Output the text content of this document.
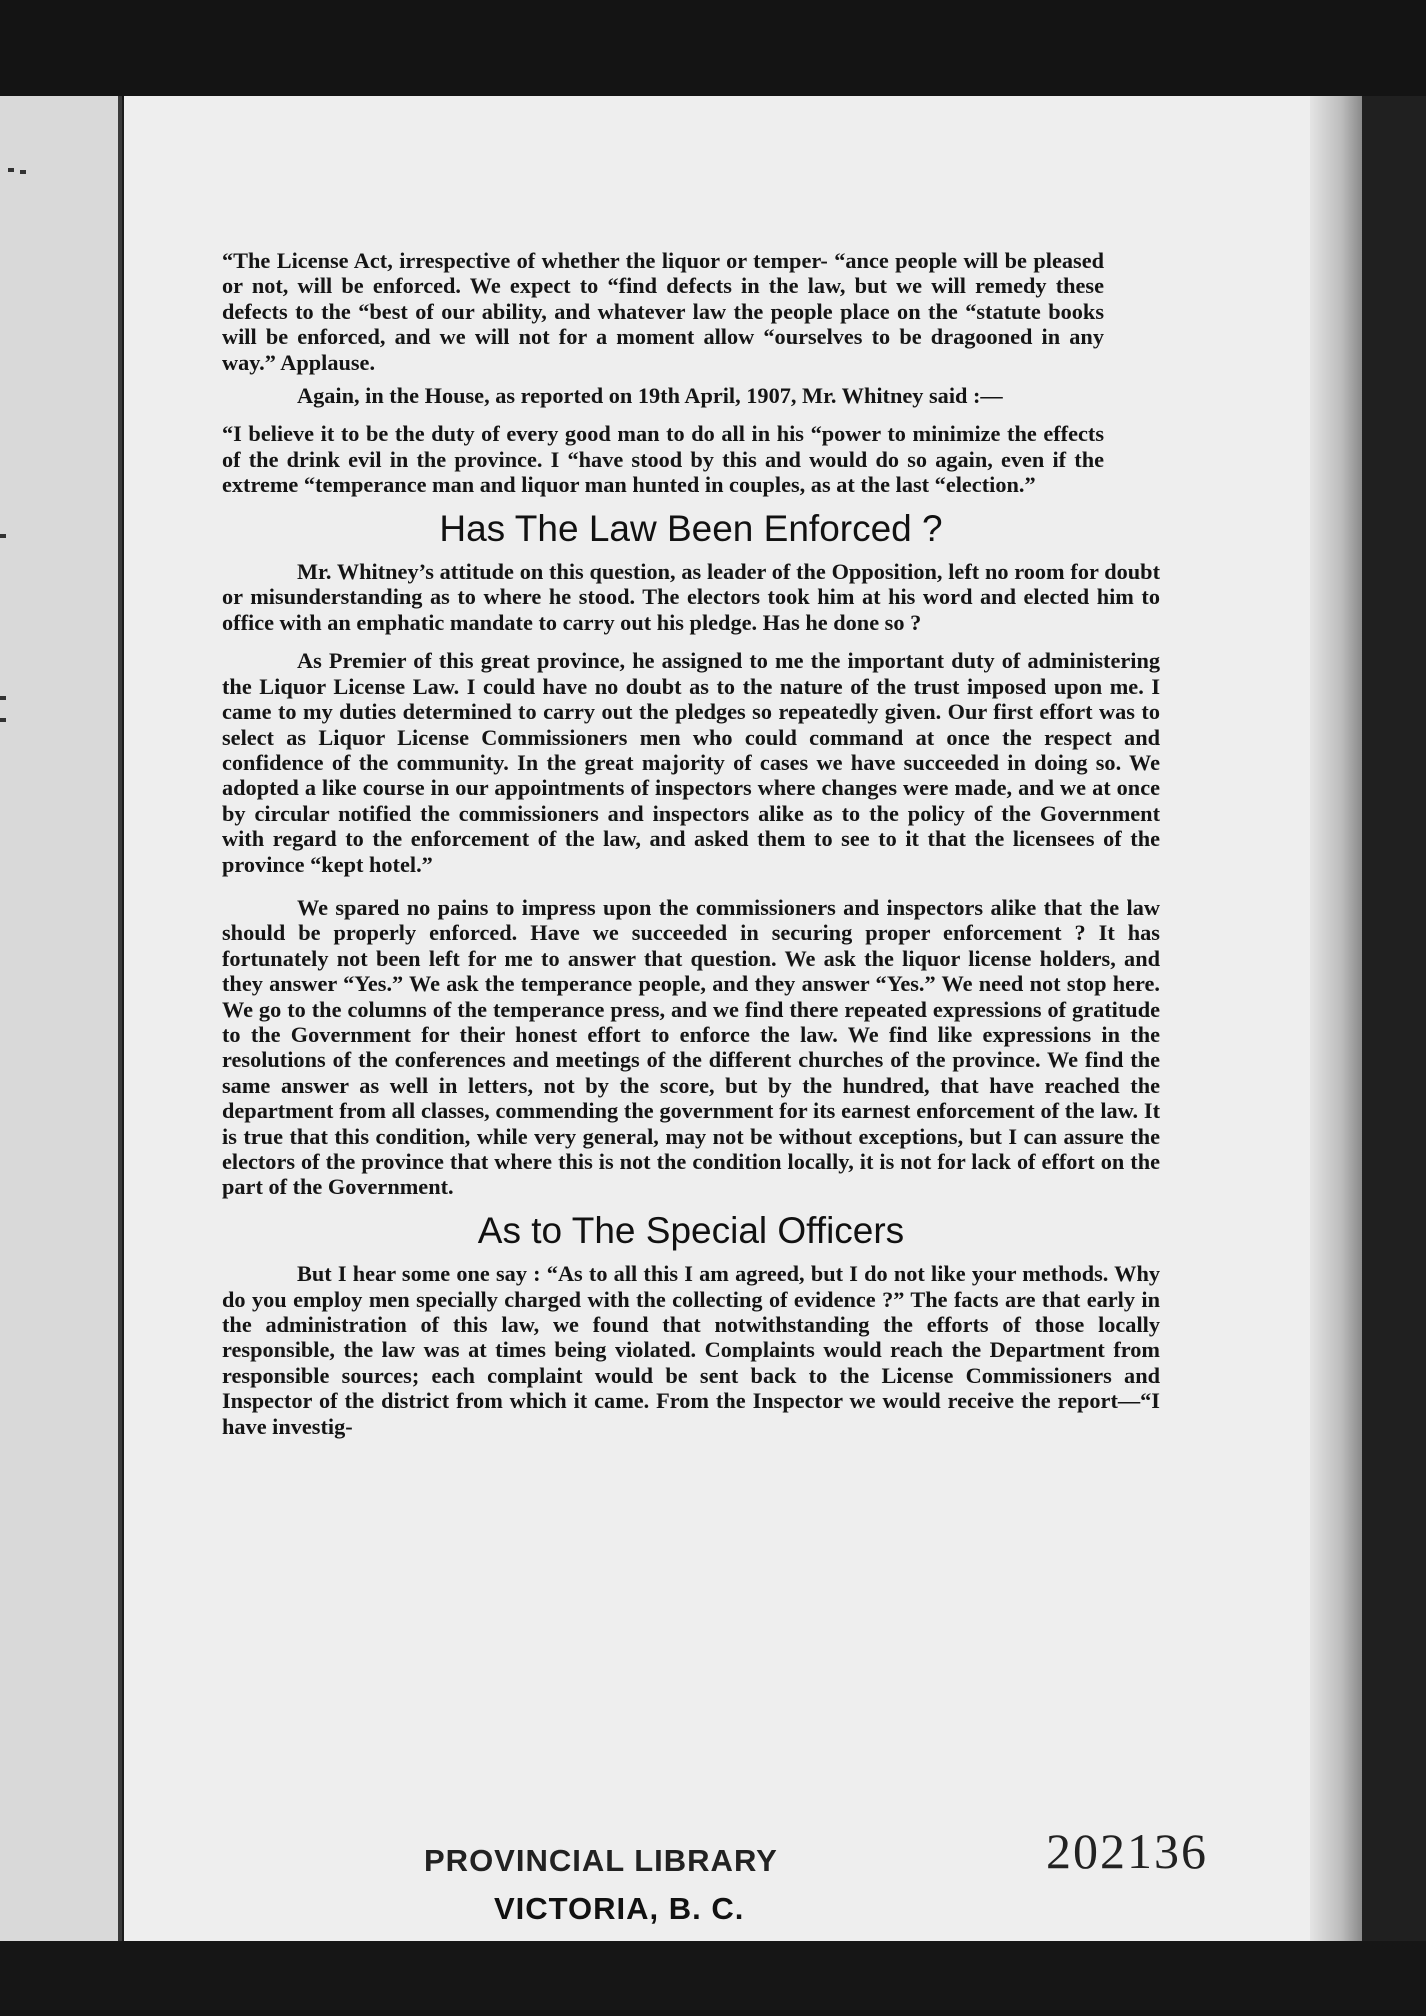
“The License Act, irrespective of whether the liquor or temper- “ance people will be pleased or not, will be enforced. We expect to “find defects in the law, but we will remedy these defects to the “best of our ability, and whatever law the people place on the “statute books will be enforced, and we will not for a moment allow “ourselves to be dragooned in any way.” Applause.

Again, in the House, as reported on 19th April, 1907, Mr. Whitney said :—

“I believe it to be the duty of every good man to do all in his “power to minimize the effects of the drink evil in the province. I “have stood by this and would do so again, even if the extreme “temperance man and liquor man hunted in couples, as at the last “election.”

Has The Law Been Enforced ?

Mr. Whitney’s attitude on this question, as leader of the Opposition, left no room for doubt or misunderstanding as to where he stood. The electors took him at his word and elected him to office with an emphatic mandate to carry out his pledge. Has he done so ?

As Premier of this great province, he assigned to me the important duty of administering the Liquor License Law. I could have no doubt as to the nature of the trust imposed upon me. I came to my duties determined to carry out the pledges so repeatedly given. Our first effort was to select as Liquor License Commissioners men who could command at once the respect and confidence of the community. In the great majority of cases we have succeeded in doing so. We adopted a like course in our appointments of inspectors where changes were made, and we at once by circular notified the commissioners and inspectors alike as to the policy of the Government with regard to the enforcement of the law, and asked them to see to it that the licensees of the province “kept hotel.”

We spared no pains to impress upon the commissioners and inspectors alike that the law should be properly enforced. Have we succeeded in securing proper enforcement ? It has fortunately not been left for me to answer that question. We ask the liquor license holders, and they answer “Yes.” We ask the temperance people, and they answer “Yes.” We need not stop here. We go to the columns of the temperance press, and we find there repeated expressions of gratitude to the Government for their honest effort to enforce the law. We find like expressions in the resolutions of the conferences and meetings of the different churches of the province. We find the same answer as well in letters, not by the score, but by the hundred, that have reached the department from all classes, commending the government for its earnest enforcement of the law. It is true that this condition, while very general, may not be without exceptions, but I can assure the electors of the province that where this is not the condition locally, it is not for lack of effort on the part of the Government.

As to The Special Officers

But I hear some one say : “As to all this I am agreed, but I do not like your methods. Why do you employ men specially charged with the collecting of evidence ?” The facts are that early in the administration of this law, we found that notwithstanding the efforts of those locally responsible, the law was at times being violated. Complaints would reach the Department from responsible sources; each complaint would be sent back to the License Commissioners and Inspector of the district from which it came. From the Inspector we would receive the report—“I have investig-

PROVINCIAL LIBRARY
VICTORIA, B. C.
202136
